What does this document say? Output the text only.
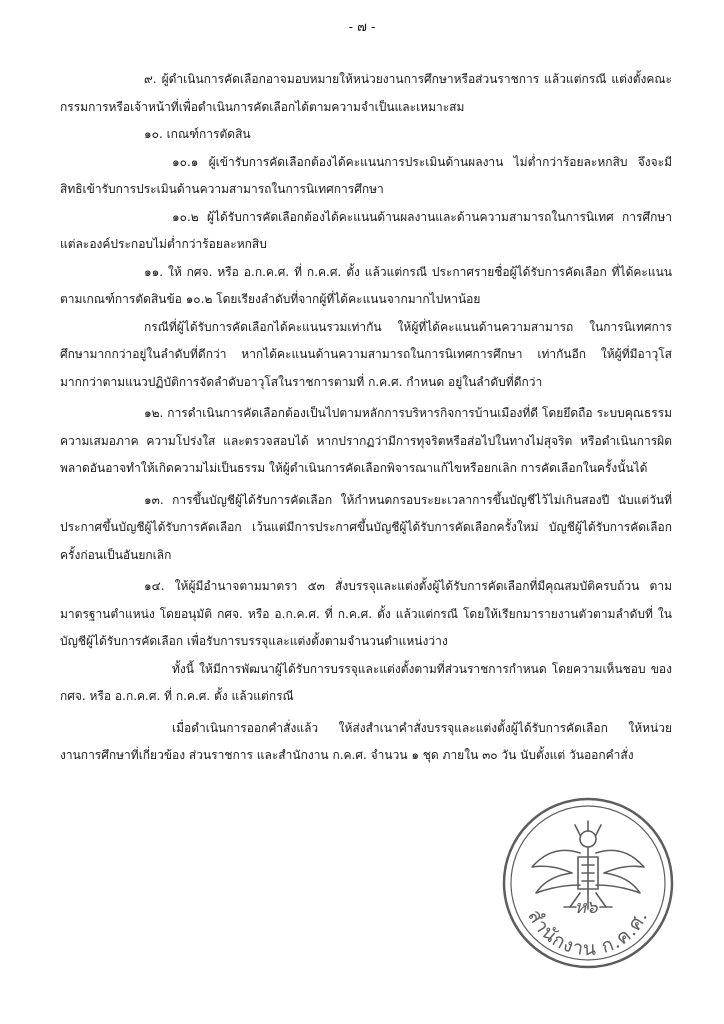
- ๗ -

๙. ผู้ดำเนินการคัดเลือกอาจมอบหมายให้หน่วยงานการศึกษาหรือส่วนราชการ แล้วแต่กรณี แต่งตั้งคณะกรรมการหรือเจ้าหน้าที่เพื่อดำเนินการคัดเลือกได้ตามความจำเป็นและเหมาะสม

๑๐. เกณฑ์การตัดสิน

๑๐.๑ ผู้เข้ารับการคัดเลือกต้องได้คะแนนการประเมินด้านผลงาน ไม่ต่ำกว่าร้อยละหกสิบ จึงจะมีสิทธิเข้ารับการประเมินด้านความสามารถในการนิเทศการศึกษา

๑๐.๒ ผู้ได้รับการคัดเลือกต้องได้คะแนนด้านผลงานและด้านความสามารถในการนิเทศ การศึกษา แต่ละองค์ประกอบไม่ต่ำกว่าร้อยละหกสิบ

๑๑. ให้ กศจ. หรือ อ.ก.ค.ศ. ที่ ก.ค.ศ. ตั้ง แล้วแต่กรณี ประกาศรายชื่อผู้ได้รับการคัดเลือก ที่ได้คะแนนตามเกณฑ์การตัดสินข้อ ๑๐.๒ โดยเรียงลำดับที่จากผู้ที่ได้คะแนนจากมากไปหาน้อย

กรณีที่ผู้ได้รับการคัดเลือกได้คะแนนรวมเท่ากัน ให้ผู้ที่ได้คะแนนด้านความสามารถ ในการนิเทศการศึกษามากกว่าอยู่ในลำดับที่ดีกว่า หากได้คะแนนด้านความสามารถในการนิเทศการศึกษา เท่ากันอีก ให้ผู้ที่มีอาวุโสมากกว่าตามแนวปฏิบัติการจัดลำดับอาวุโสในราชการตามที่ ก.ค.ศ. กำหนด อยู่ในลำดับที่ดีกว่า

๑๒. การดำเนินการคัดเลือกต้องเป็นไปตามหลักการบริหารกิจการบ้านเมืองที่ดี โดยยึดถือ ระบบคุณธรรม ความเสมอภาค ความโปร่งใส และตรวจสอบได้ หากปรากฏว่ามีการทุจริตหรือส่อไปในทางไม่สุจริต หรือดำเนินการผิดพลาดอันอาจทำให้เกิดความไม่เป็นธรรม ให้ผู้ดำเนินการคัดเลือกพิจารณาแก้ไขหรือยกเลิก การคัดเลือกในครั้งนั้นได้

๑๓. การขึ้นบัญชีผู้ได้รับการคัดเลือก ให้กำหนดกรอบระยะเวลาการขึ้นบัญชีไว้ไม่เกินสองปี นับแต่วันที่ประกาศขึ้นบัญชีผู้ได้รับการคัดเลือก เว้นแต่มีการประกาศขึ้นบัญชีผู้ได้รับการคัดเลือกครั้งใหม่ บัญชีผู้ได้รับการคัดเลือกครั้งก่อนเป็นอันยกเลิก

๑๔. ให้ผู้มีอำนาจตามมาตรา ๕๓ สั่งบรรจุและแต่งตั้งผู้ได้รับการคัดเลือกที่มีคุณสมบัติครบถ้วน ตามมาตรฐานตำแหน่ง โดยอนุมัติ กศจ. หรือ อ.ก.ค.ศ. ที่ ก.ค.ศ. ตั้ง แล้วแต่กรณี โดยให้เรียกมารายงานตัวตามลำดับที่ ในบัญชีผู้ได้รับการคัดเลือก เพื่อรับการบรรจุและแต่งตั้งตามจำนวนตำแหน่งว่าง

ทั้งนี้ ให้มีการพัฒนาผู้ได้รับการบรรจุและแต่งตั้งตามที่ส่วนราชการกำหนด โดยความเห็นชอบ ของ กศจ. หรือ อ.ก.ค.ศ. ที่ ก.ค.ศ. ตั้ง แล้วแต่กรณี

เมื่อดำเนินการออกคำสั่งแล้ว ให้ส่งสำเนาคำสั่งบรรจุและแต่งตั้งผู้ได้รับการคัดเลือก ให้หน่วยงานการศึกษาที่เกี่ยวข้อง ส่วนราชการ และสำนักงาน ก.ค.ศ. จำนวน ๑ ชุด ภายใน ๓๐ วัน นับตั้งแต่ วันออกคำสั่ง

ห๖
สำนักงาน ก.ค.ศ.
